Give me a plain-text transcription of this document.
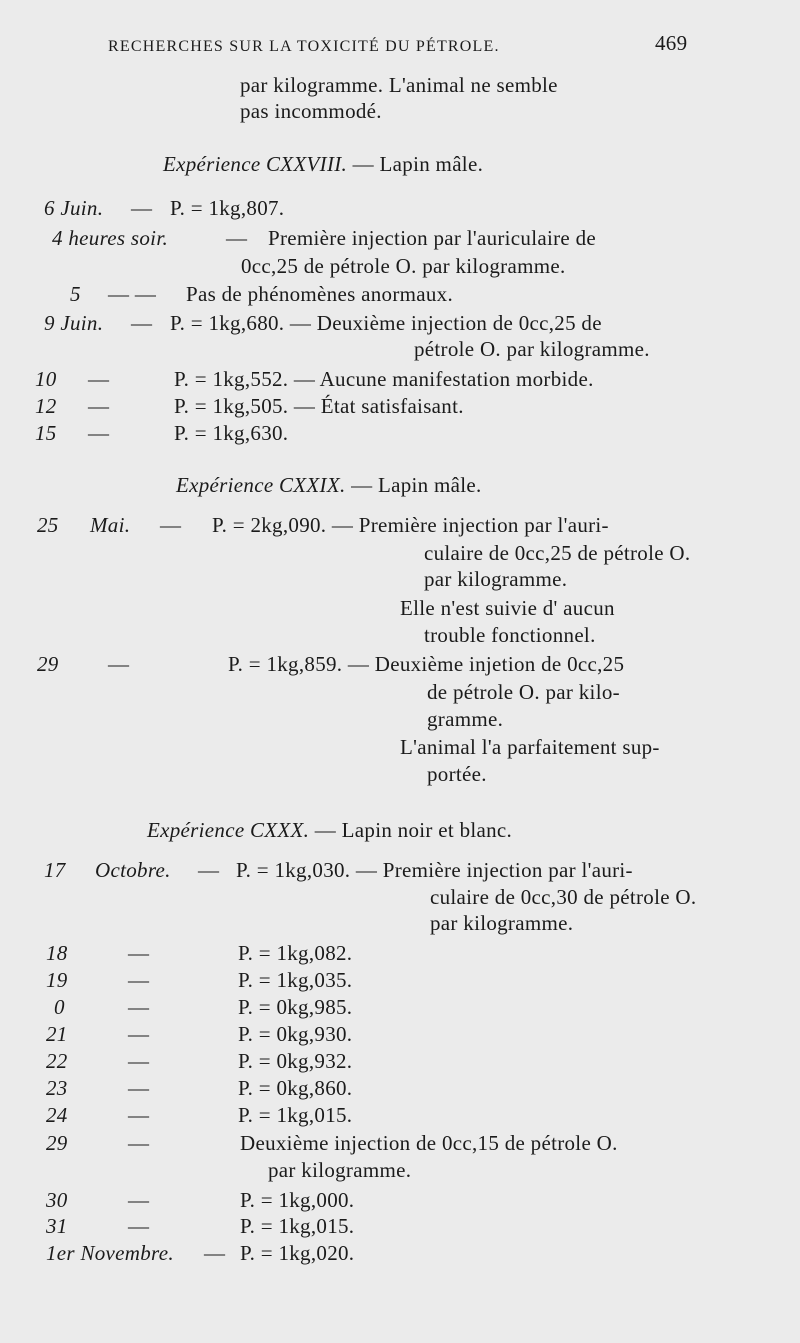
RECHERCHES SUR LA TOXICITÉ DU PÉTROLE.	469
par kilogramme. L'animal ne semble
pas incommodé.
Expérience CXXVIII. — Lapin mâle.
6 Juin. — P. = 1kg,807.
4 heures soir.	— Première injection par l'auriculaire de
0cc,25 de pétrole O. par kilogramme.
5 — — Pas de phénomènes anormaux.
9 Juin. — P. = 1kg,680. — Deuxième injection de 0cc,25 de
pétrole O. par kilogramme.
10 —	P. = 1kg,552. — Aucune manifestation morbide.
12 —	P. = 1kg,505. — État satisfaisant.
15 —	P. = 1kg,630.
Expérience CXXIX. — Lapin mâle.
25 Mai. — P. = 2kg,090. — Première injection par l'auri-
culaire de 0cc,25 de pétrole O.
par kilogramme.
Elle n'est suivie d' aucun
trouble fonctionnel.
29 —	P. = 1kg,859. — Deuxième injetion de 0cc,25
de pétrole O. par kilo-
gramme.
L'animal l'a parfaitement sup-
portée.
Expérience CXXX. — Lapin noir et blanc.
17 Octobre. — P. = 1kg,030. — Première injection par l'auri-
culaire de 0cc,30 de pétrole O.
par kilogramme.
18	—	P. = 1kg,082.
19	—	P. = 1kg,035.
0	—	P. = 0kg,985.
21	—	P. = 0kg,930.
22	—	P. = 0kg,932.
23	—	P. = 0kg,860.
24	—	P. = 1kg,015.
29	—	Deuxième injection de 0cc,15 de pétrole O.
par kilogramme.
30	—	P. = 1kg,000.
31	—	P. = 1kg,015.
1er Novembre. — P. = 1kg,020.
